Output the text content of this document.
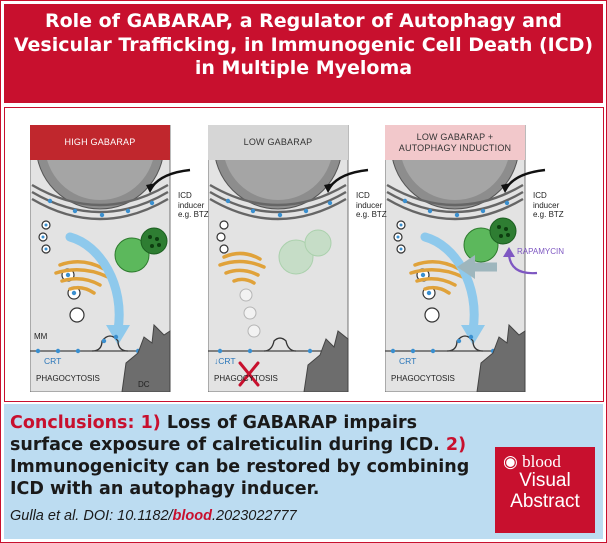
Role of GABARAP, a Regulator of Autophagy and
Vesicular Trafficking, in Immunogenic Cell Death (ICD)
in Multiple Myeloma
HIGH GABARAP
ICD
inducer
e.g. BTZ
MM
CRT
PHAGOCYTOSIS
DC
LOW GABARAP
ICD
inducer
e.g. BTZ
↓CRT
PHAGOCYTOSIS
LOW GABARAP +
AUTOPHAGY INDUCTION
ICD
inducer
e.g. BTZ
RAPAMYCIN
CRT
PHAGOCYTOSIS
Conclusions: 1) Loss of GABARAP impairs surface exposure of calreticulin during ICD. 2) Immunogenicity can be restored by combining ICD with an autophagy inducer.
Gulla et al. DOI: 10.1182/blood.2023022777
◉ blood
Visual
Abstract
